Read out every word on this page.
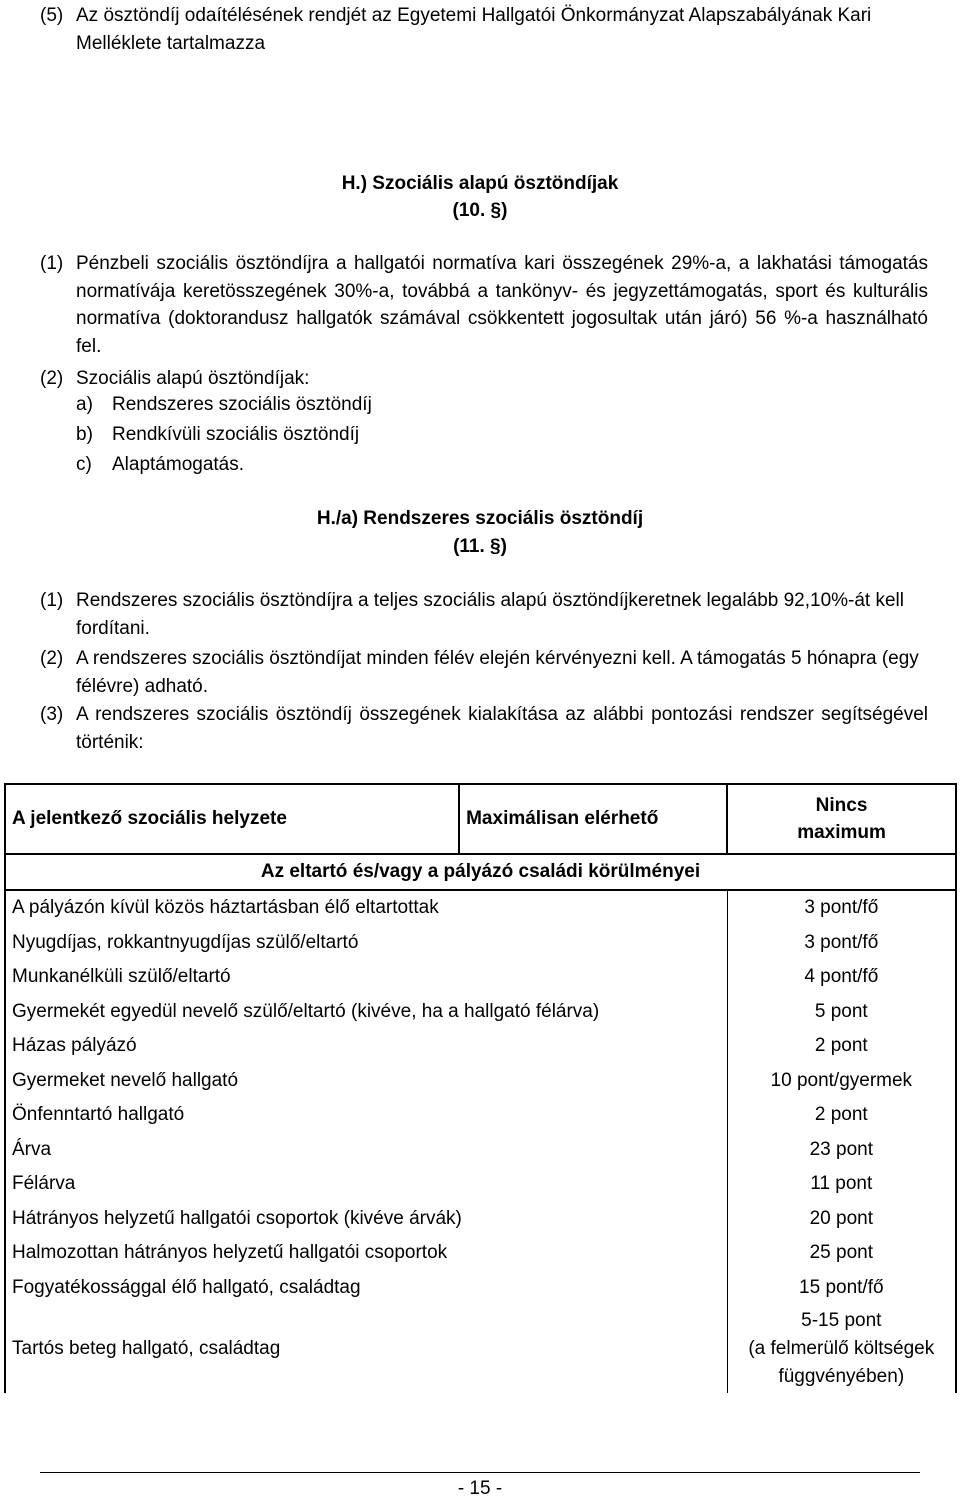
(5) Az ösztöndíj odaítélésének rendjét az Egyetemi Hallgatói Önkormányzat Alapszabályának Kari Melléklete tartalmazza
H.) Szociális alapú ösztöndíjak
(10. §)
(1) Pénzbeli szociális ösztöndíjra a hallgatói normatíva kari összegének 29%-a, a lakhatási támogatás normatívája keretösszegének 30%-a, továbbá a tankönyv- és jegyzettámogatás, sport és kulturális normatíva (doktorandusz hallgatók számával csökkentett jogosultak után járó) 56 %-a használható fel.
(2) Szociális alapú ösztöndíjak:
a) Rendszeres szociális ösztöndíj
b) Rendkívüli szociális ösztöndíj
c) Alaptámogatás.
H./a) Rendszeres szociális ösztöndíj
(11. §)
(1) Rendszeres szociális ösztöndíjra a teljes szociális alapú ösztöndíjkeretnek legalább 92,10%-át kell fordítani.
(2) A rendszeres szociális ösztöndíjat minden félév elején kérvényezni kell. A támogatás 5 hónapra (egy félévre) adható.
(3) A rendszeres szociális ösztöndíj összegének kialakítása az alábbi pontozási rendszer segítségével történik:
A jelentkező szociális helyzete	Maximálisan elérhető	Nincs
maximum
Az eltartó és/vagy a pályázó családi körülményei		
A pályázón kívül közös háztartásban élő eltartottak		3 pont/fő
Nyugdíjas, rokkantnyugdíjas szülő/eltartó		3 pont/fő
Munkanélküli szülő/eltartó		4 pont/fő
Gyermekét egyedül nevelő szülő/eltartó (kivéve, ha a hallgató félárva)		5 pont
Házas pályázó		2 pont
Gyermeket nevelő hallgató		10 pont/gyermek
Önfenntartó hallgató		2 pont
Árva		23 pont
Félárva		11 pont
Hátrányos helyzetű hallgatói csoportok (kivéve árvák)		20 pont
Halmozottan hátrányos helyzetű hallgatói csoportok		25 pont
Fogyatékossággal élő hallgató, családtag		15 pont/fő
Tartós beteg hallgató, családtag		5-15 pont
(a felmerülő költségek
függvényében)
- 15 -
